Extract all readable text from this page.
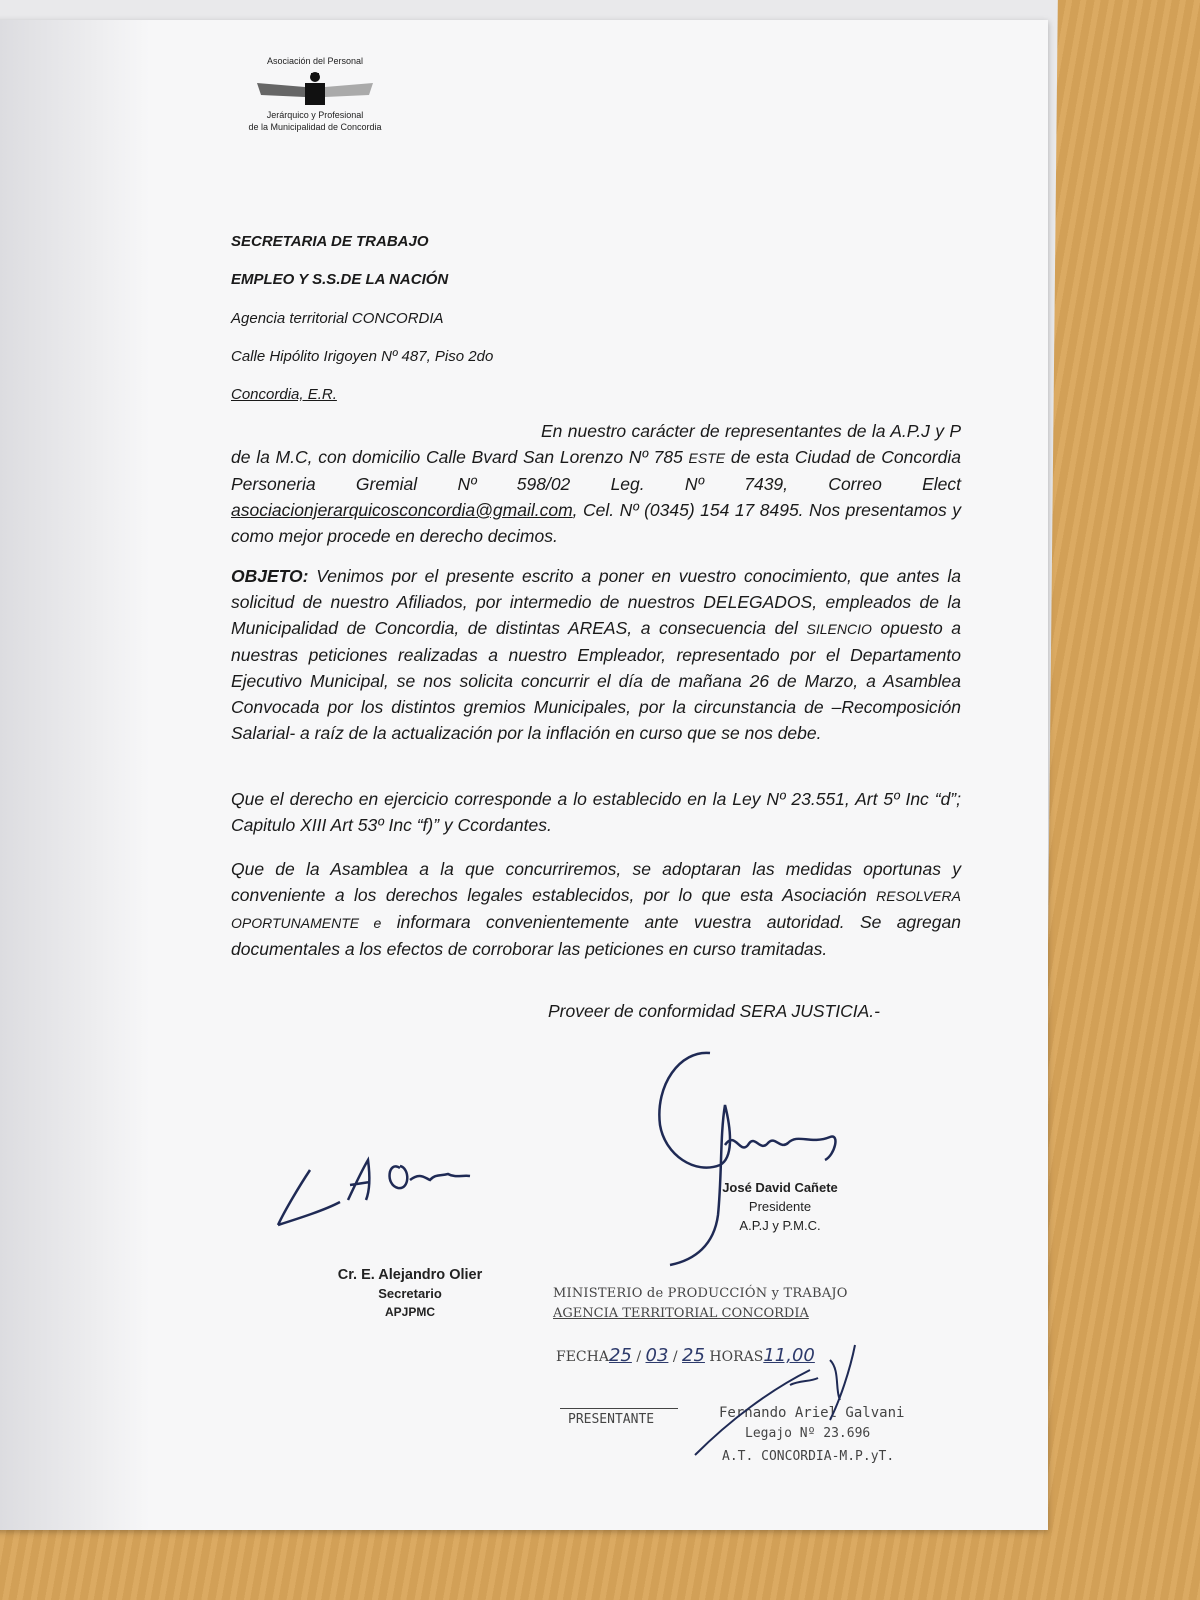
Asociación del Personal
Jerárquico y Profesional
de la Municipalidad de Concordia
SECRETARIA DE TRABAJO
EMPLEO Y S.S.DE LA NACIÓN
Agencia territorial CONCORDIA
Calle Hipólito Irigoyen Nº 487, Piso 2do
Concordia, E.R.
En nuestro carácter de representantes de la A.P.J y P de la M.C, con domicilio Calle Bvard San Lorenzo Nº 785 ESTE de esta Ciudad de Concordia Personeria Gremial Nº 598/02 Leg. Nº 7439, Correo Elect asociacionjerarquicosconcordia@gmail.com, Cel. Nº (0345) 154 17 8495. Nos presentamos y como mejor procede en derecho decimos.
OBJETO: Venimos por el presente escrito a poner en vuestro conocimiento, que antes la solicitud de nuestro Afiliados, por intermedio de nuestros DELEGADOS, empleados de la Municipalidad de Concordia, de distintas AREAS, a consecuencia del SILENCIO opuesto a nuestras peticiones realizadas a nuestro Empleador, representado por el Departamento Ejecutivo Municipal, se nos solicita concurrir el día de mañana 26 de Marzo, a Asamblea Convocada por los distintos gremios Municipales, por la circunstancia de –Recomposición Salarial- a raíz de la actualización por la inflación en curso que se nos debe.
Que el derecho en ejercicio corresponde a lo establecido en la Ley Nº 23.551, Art 5º Inc “d”; Capitulo XIII Art 53º Inc “f)” y Ccordantes.
Que de la Asamblea a la que concurriremos, se adoptaran las medidas oportunas y conveniente a los derechos legales establecidos, por lo que esta Asociación RESOLVERA OPORTUNAMENTE e informara convenientemente ante vuestra autoridad. Se agregan documentales a los efectos de corroborar las peticiones en curso tramitadas.
Proveer de conformidad SERA JUSTICIA.-
Cr. E. Alejandro Olier
Secretario
APJPMC
José David Cañete
Presidente
A.P.J y P.M.C.
MINISTERIO de PRODUCCIÓN y TRABAJO
AGENCIA TERRITORIAL CONCORDIA
FECHA25 / 03 / 25 HORAS11,00
PRESENTANTE	Fernando Ariel Galvani
Legajo Nº 23.696
A.T. CONCORDIA-M.P.yT.
